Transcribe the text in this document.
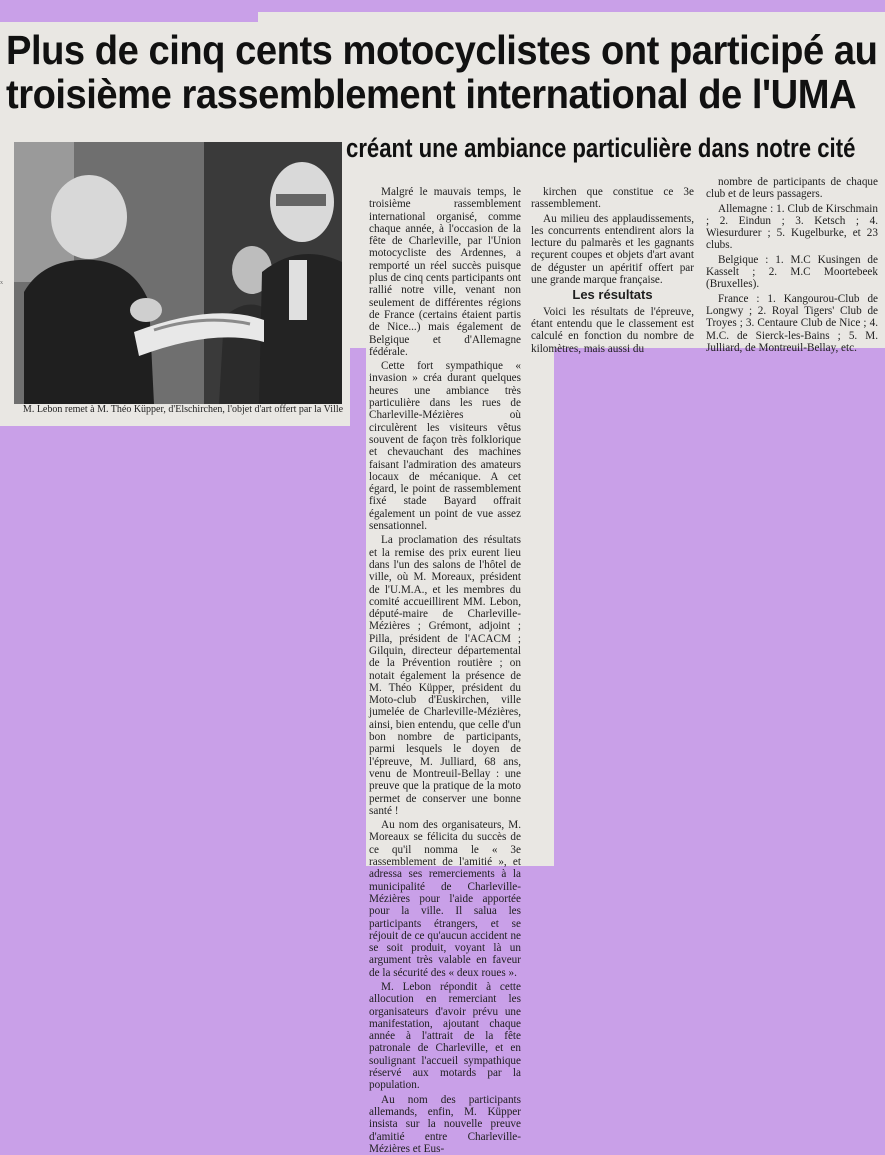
x
Plus de cinq cents motocyclistes ont participé au
troisième rassemblement international de l'UMA
M. Lebon remet à M. Théo Küpper, d'Elschirchen, l'objet d'art offert par la Ville
créant une ambiance particulière dans notre cité

Malgré le mauvais temps, le troisième rassemblement international organisé, comme chaque année, à l'occasion de la fête de Charleville, par l'Union motocycliste des Ardennes, a remporté un réel succès puisque plus de cinq cents participants ont rallié notre ville, venant non seulement de différentes régions de France (certains étaient partis de Nice...) mais également de Belgique et d'Allemagne fédérale.

Cette fort sympathique « invasion » créa durant quelques heures une ambiance très particulière dans les rues de Charleville-Mézières où circulèrent les visiteurs vêtus souvent de façon très folklorique et chevauchant des machines faisant l'admiration des amateurs locaux de mécanique. A cet égard, le point de rassemblement fixé stade Bayard offrait également un point de vue assez sensationnel.

La proclamation des résultats et la remise des prix eurent lieu dans l'un des salons de l'hôtel de ville, où M. Moreaux, président de l'U.M.A., et les membres du comité accueillirent MM. Lebon, député-maire de Charleville-Mézières ; Grémont, adjoint ; Pilla, président de l'ACACM ; Gilquin, directeur départemental de la Prévention routière ; on notait également la présence de M. Théo Küpper, président du Moto-club d'Euskirchen, ville jumelée de Charleville-Mézières, ainsi, bien entendu, que celle d'un bon nombre de participants, parmi lesquels le doyen de l'épreuve, M. Julliard, 68 ans, venu de Montreuil-Bellay : une preuve que la pratique de la moto permet de conserver une bonne santé !

Au nom des organisateurs, M. Moreaux se félicita du succès de ce qu'il nomma le « 3e rassemblement de l'amitié », et adressa ses remerciements à la municipalité de Charleville-Mézières pour l'aide apportée pour la ville. Il salua les participants étrangers, et se réjouit de ce qu'aucun accident ne se soit produit, voyant là un argument très valable en faveur de la sécurité des « deux roues ».

M. Lebon répondit à cette allocution en remerciant les organisateurs d'avoir prévu une manifestation, ajoutant chaque année à l'attrait de la fête patronale de Charleville, et en soulignant l'accueil sympathique réservé aux motards par la population.

Au nom des participants allemands, enfin, M. Küpper insista sur la nouvelle preuve d'amitié entre Charleville-Mézières et Eus-

kirchen que constitue ce 3e rassemblement.

Au milieu des applaudissements, les concurrents entendirent alors la lecture du palmarès et les gagnants reçurent coupes et objets d'art avant de déguster un apéritif offert par une grande marque française.

Les résultats

Voici les résultats de l'épreuve, étant entendu que le classement est calculé en fonction du nombre de kilomètres, mais aussi du

nombre de participants de chaque club et de leurs passagers.

Allemagne : 1. Club de Kirschmain ; 2. Eindun ; 3. Ketsch ; 4. Wiesurdurer ; 5. Kugelburke, et 23 clubs.

Belgique : 1. M.C Kusingen de Kasselt ; 2. M.C Moortebeek (Bruxelles).

France : 1. Kangourou-Club de Longwy ; 2. Royal Tigers' Club de Troyes ; 3. Centaure Club de Nice ; 4. M.C. de Sierck-les-Bains ; 5. M. Julliard, de Montreuil-Bellay, etc.
